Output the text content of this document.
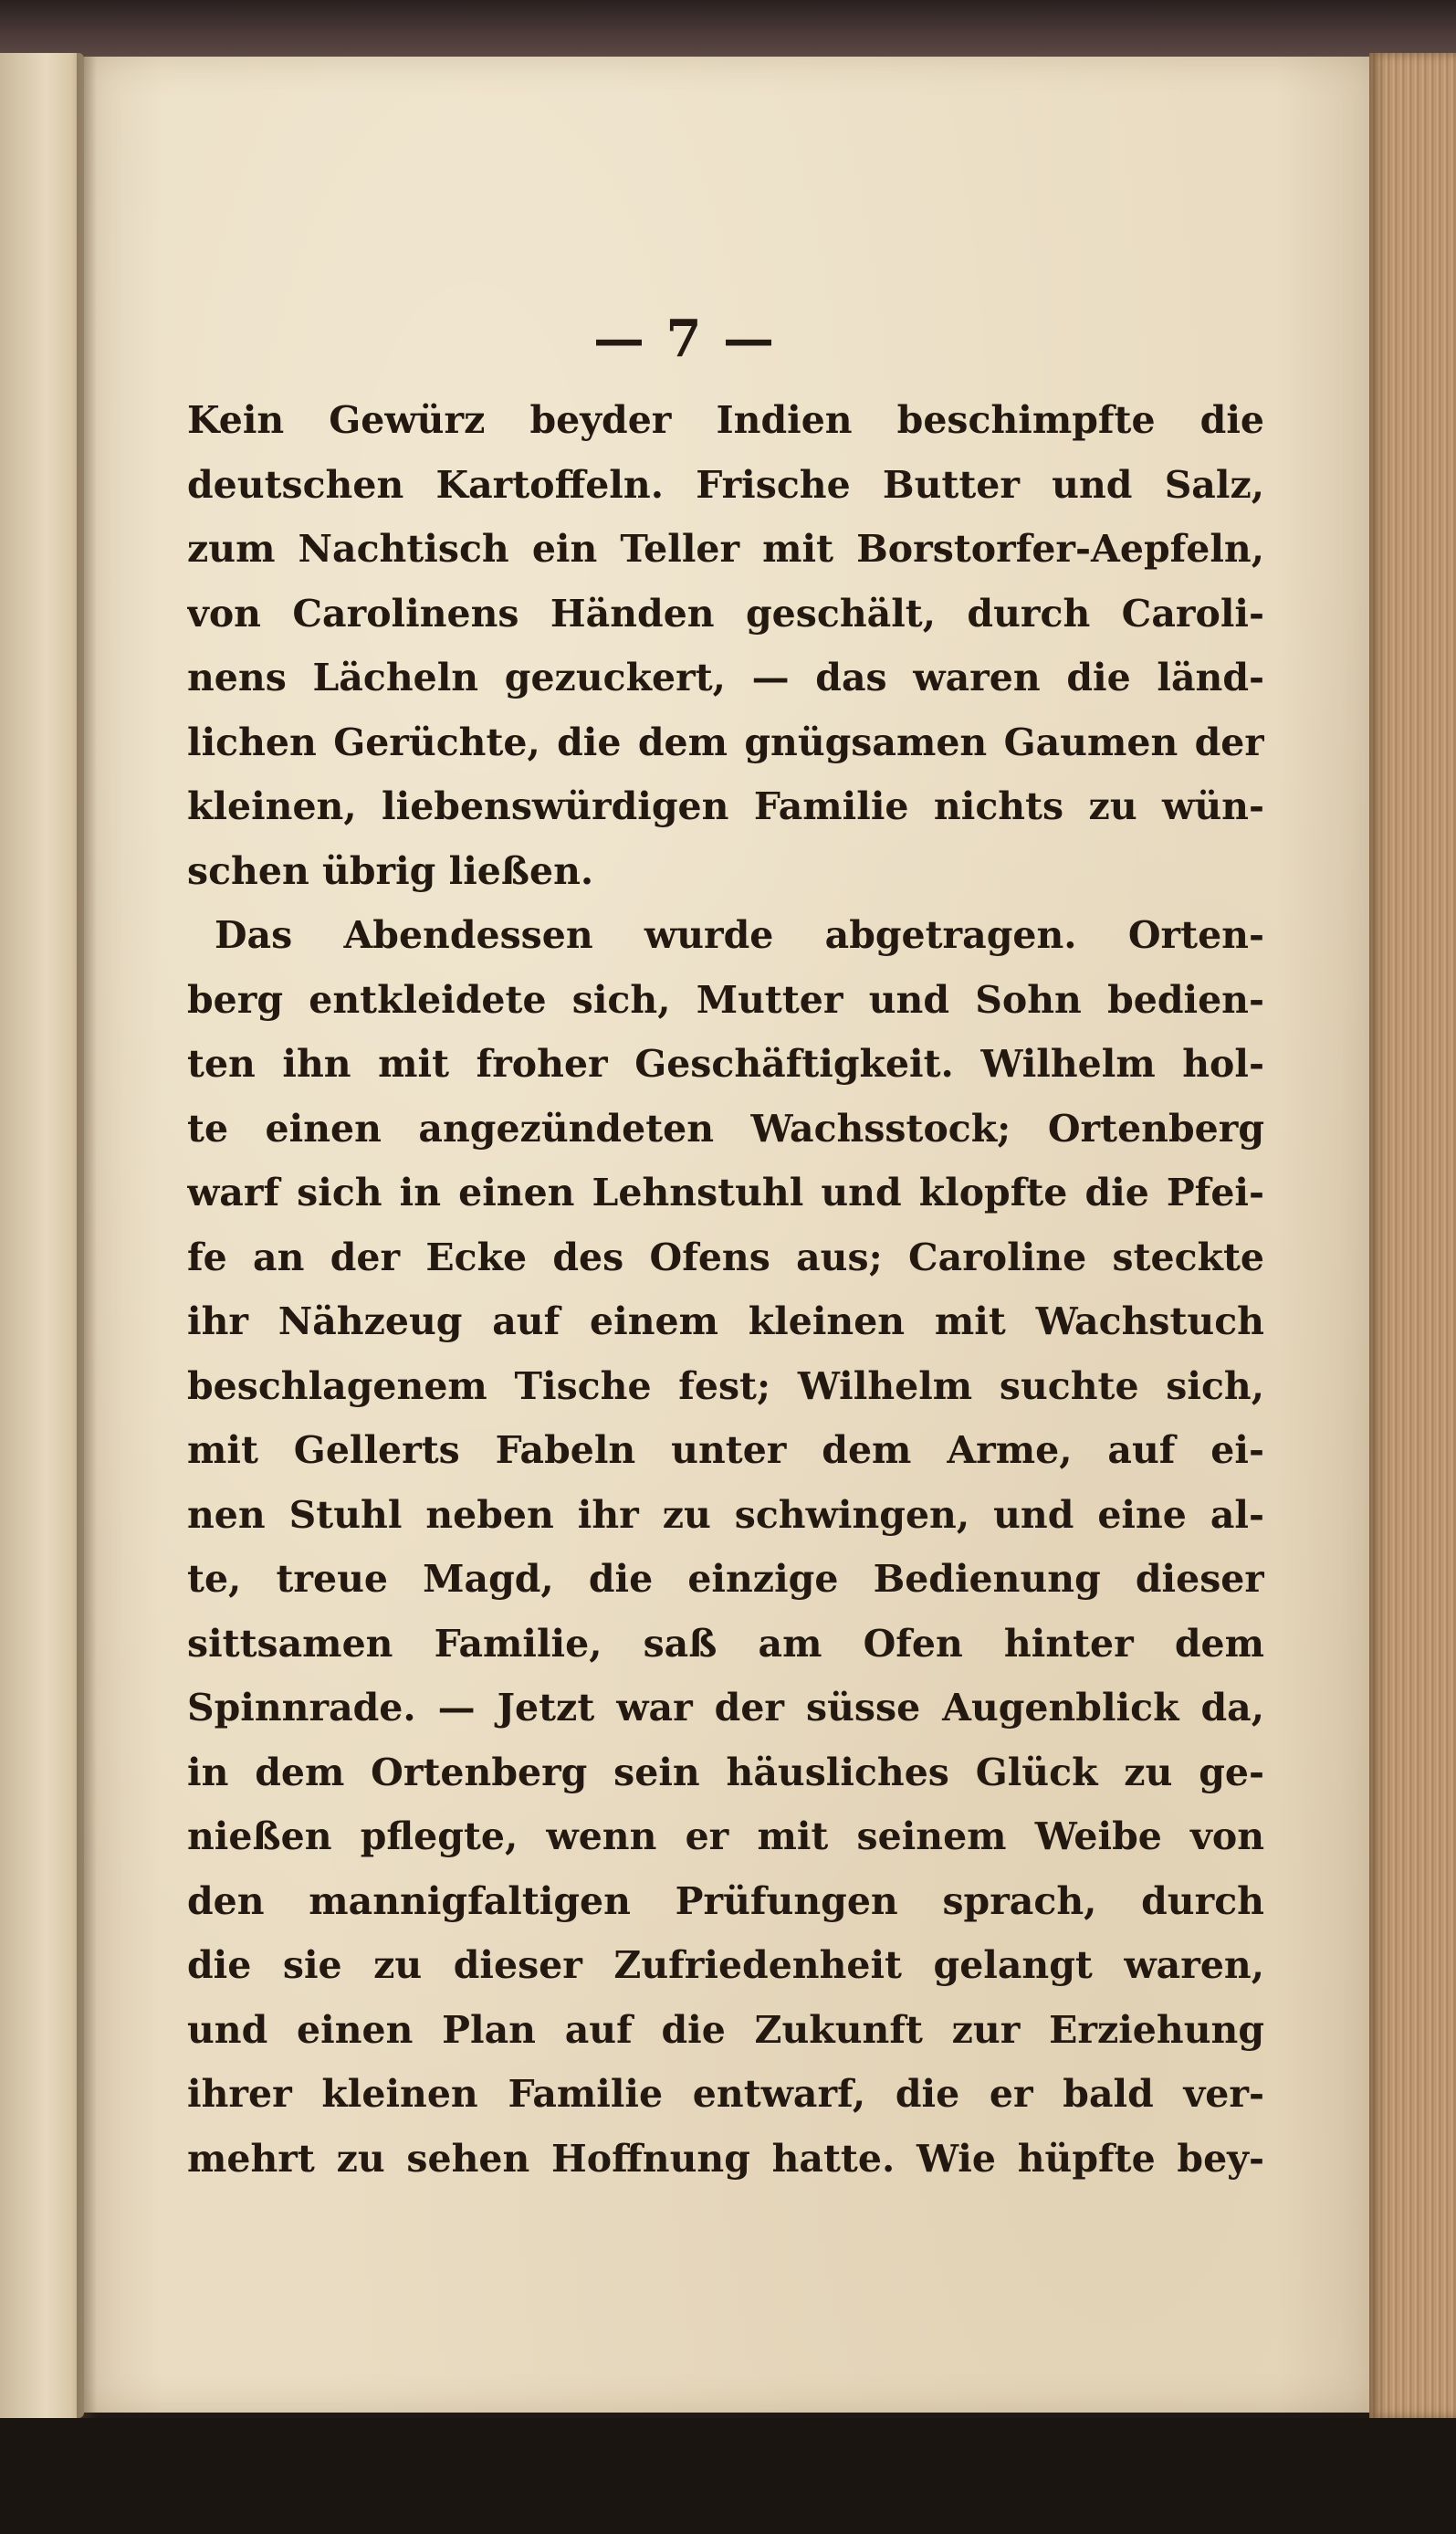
— 7 —
Kein Gewürz beyder Indien beschimpfte die
deutschen Kartoffeln. Frische Butter und Salz,
zum Nachtisch ein Teller mit Borstorfer-Aepfeln,
von Carolinens Händen geschält, durch Caroli-
nens Lächeln gezuckert, — das waren die länd-
lichen Gerüchte, die dem gnügsamen Gaumen der
kleinen, liebenswürdigen Familie nichts zu wün-
schen übrig ließen.
Das Abendessen wurde abgetragen. Orten-
berg entkleidete sich, Mutter und Sohn bedien-
ten ihn mit froher Geschäftigkeit. Wilhelm hol-
te einen angezündeten Wachsstock; Ortenberg
warf sich in einen Lehnstuhl und klopfte die Pfei-
fe an der Ecke des Ofens aus; Caroline steckte
ihr Nähzeug auf einem kleinen mit Wachstuch
beschlagenem Tische fest; Wilhelm suchte sich,
mit Gellerts Fabeln unter dem Arme, auf ei-
nen Stuhl neben ihr zu schwingen, und eine al-
te, treue Magd, die einzige Bedienung dieser
sittsamen Familie, saß am Ofen hinter dem
Spinnrade. — Jetzt war der süsse Augenblick da,
in dem Ortenberg sein häusliches Glück zu ge-
nießen pflegte, wenn er mit seinem Weibe von
den mannigfaltigen Prüfungen sprach, durch
die sie zu dieser Zufriedenheit gelangt waren,
und einen Plan auf die Zukunft zur Erziehung
ihrer kleinen Familie entwarf, die er bald ver-
mehrt zu sehen Hoffnung hatte. Wie hüpfte bey-
